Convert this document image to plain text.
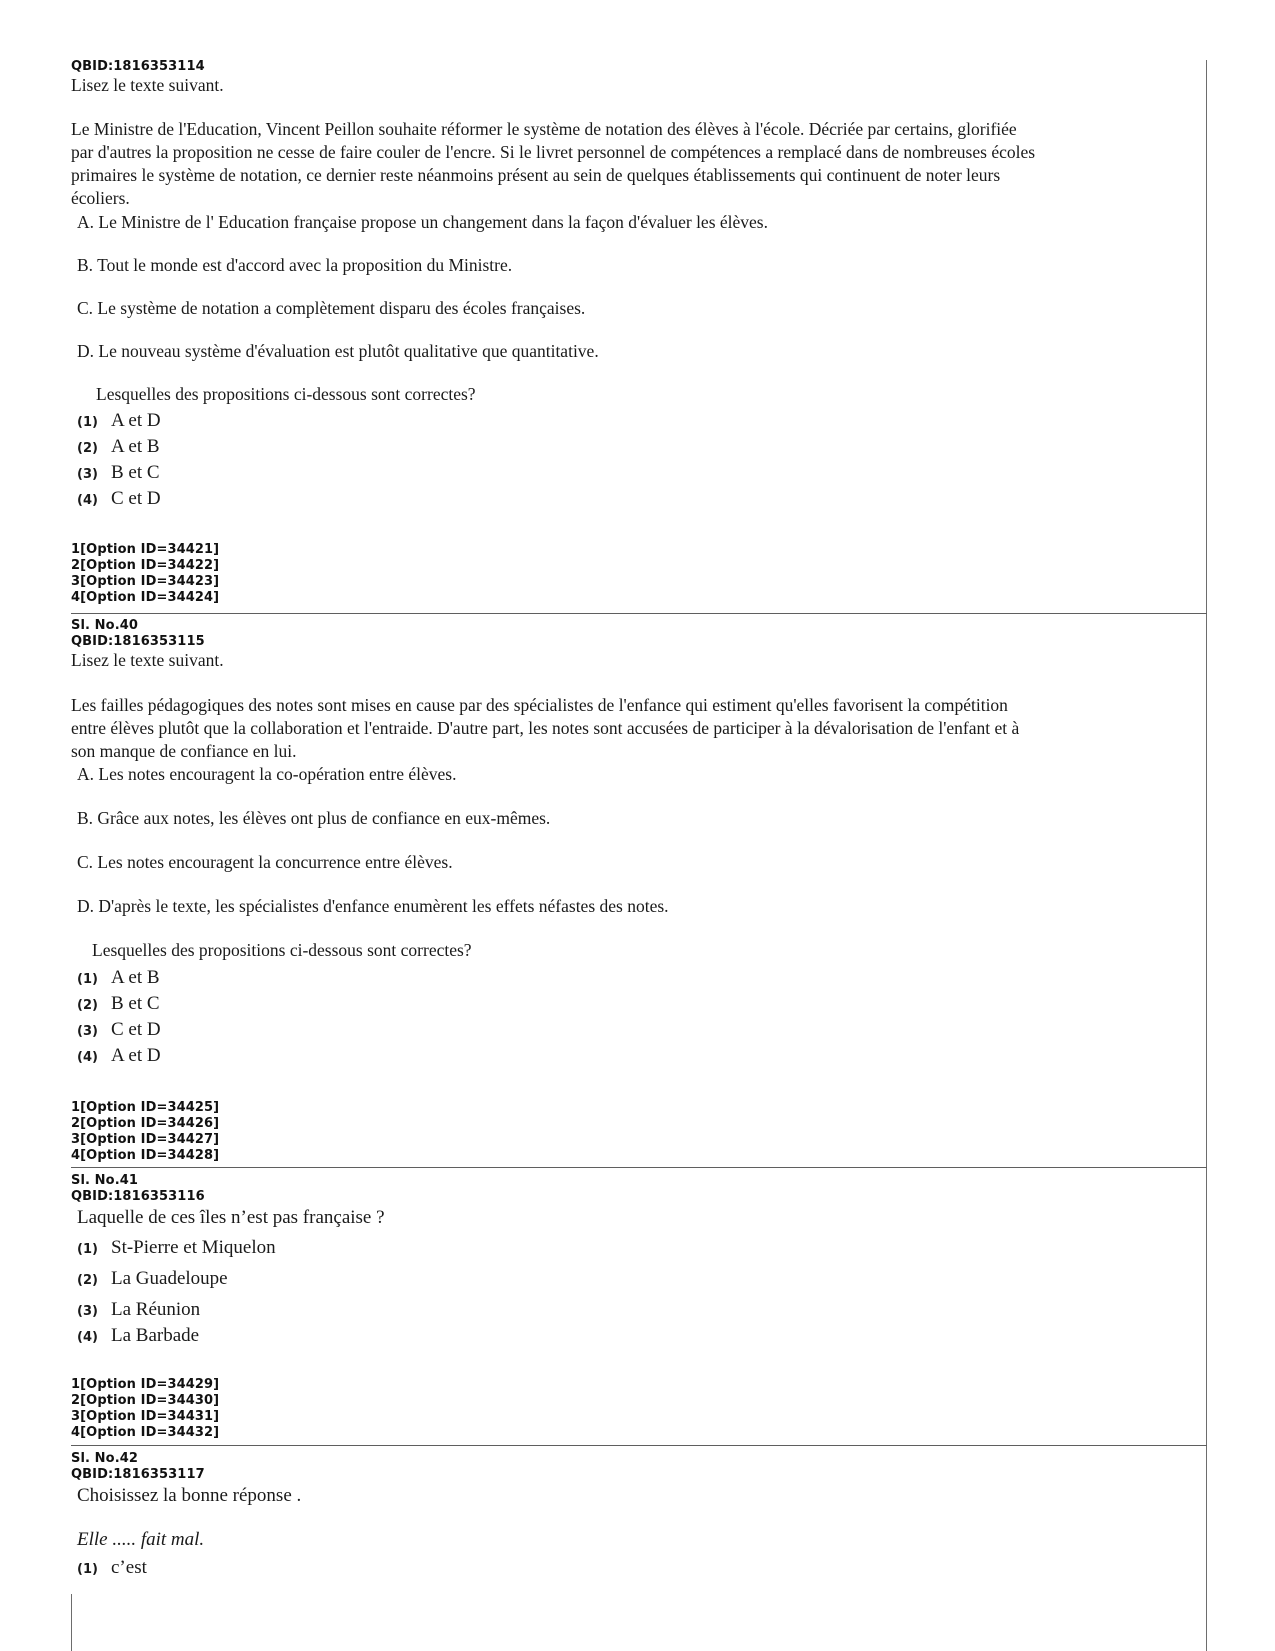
QBID:1816353114
Lisez le texte suivant.
Le Ministre de l'Education, Vincent Peillon souhaite réformer le système de notation des élèves à l'école. Décriée par certains, glorifiée
par d'autres la proposition ne cesse de faire couler de l'encre. Si le livret personnel de compétences a remplacé dans de nombreuses écoles
primaires le système de notation, ce dernier reste néanmoins présent au sein de quelques établissements qui continuent de noter leurs
écoliers.
A. Le Ministre de l' Education française propose un changement dans la façon d'évaluer les élèves.
B. Tout le monde est d'accord avec la proposition du Ministre.
C. Le système de notation a complètement disparu des écoles françaises.
D. Le nouveau système d'évaluation est plutôt qualitative que quantitative.
Lesquelles des propositions ci-dessous sont correctes?
(1) A et D
(2) A et B
(3) B et C
(4) C et D
1[Option ID=34421]
2[Option ID=34422]
3[Option ID=34423]
4[Option ID=34424]
Sl. No.40
QBID:1816353115
Lisez le texte suivant.
Les failles pédagogiques des notes sont mises en cause par des spécialistes de l'enfance qui estiment qu'elles favorisent la compétition
entre élèves plutôt que la collaboration et l'entraide. D'autre part, les notes sont accusées de participer à la dévalorisation de l'enfant et à
son manque de confiance en lui.
A. Les notes encouragent la co-opération entre élèves.
B. Grâce aux notes, les élèves ont plus de confiance en eux-mêmes.
C. Les notes encouragent la concurrence entre élèves.
D. D'après le texte, les spécialistes d'enfance enumèrent les effets néfastes des notes.
Lesquelles des propositions ci-dessous sont correctes?
(1) A et B
(2) B et C
(3) C et D
(4) A et D
1[Option ID=34425]
2[Option ID=34426]
3[Option ID=34427]
4[Option ID=34428]
Sl. No.41
QBID:1816353116
Laquelle de ces îles n’est pas française ?
(1) St-Pierre et Miquelon
(2) La Guadeloupe
(3) La Réunion
(4) La Barbade
1[Option ID=34429]
2[Option ID=34430]
3[Option ID=34431]
4[Option ID=34432]
Sl. No.42
QBID:1816353117
Choisissez la bonne réponse .
Elle ..... fait mal.
(1) c’est
